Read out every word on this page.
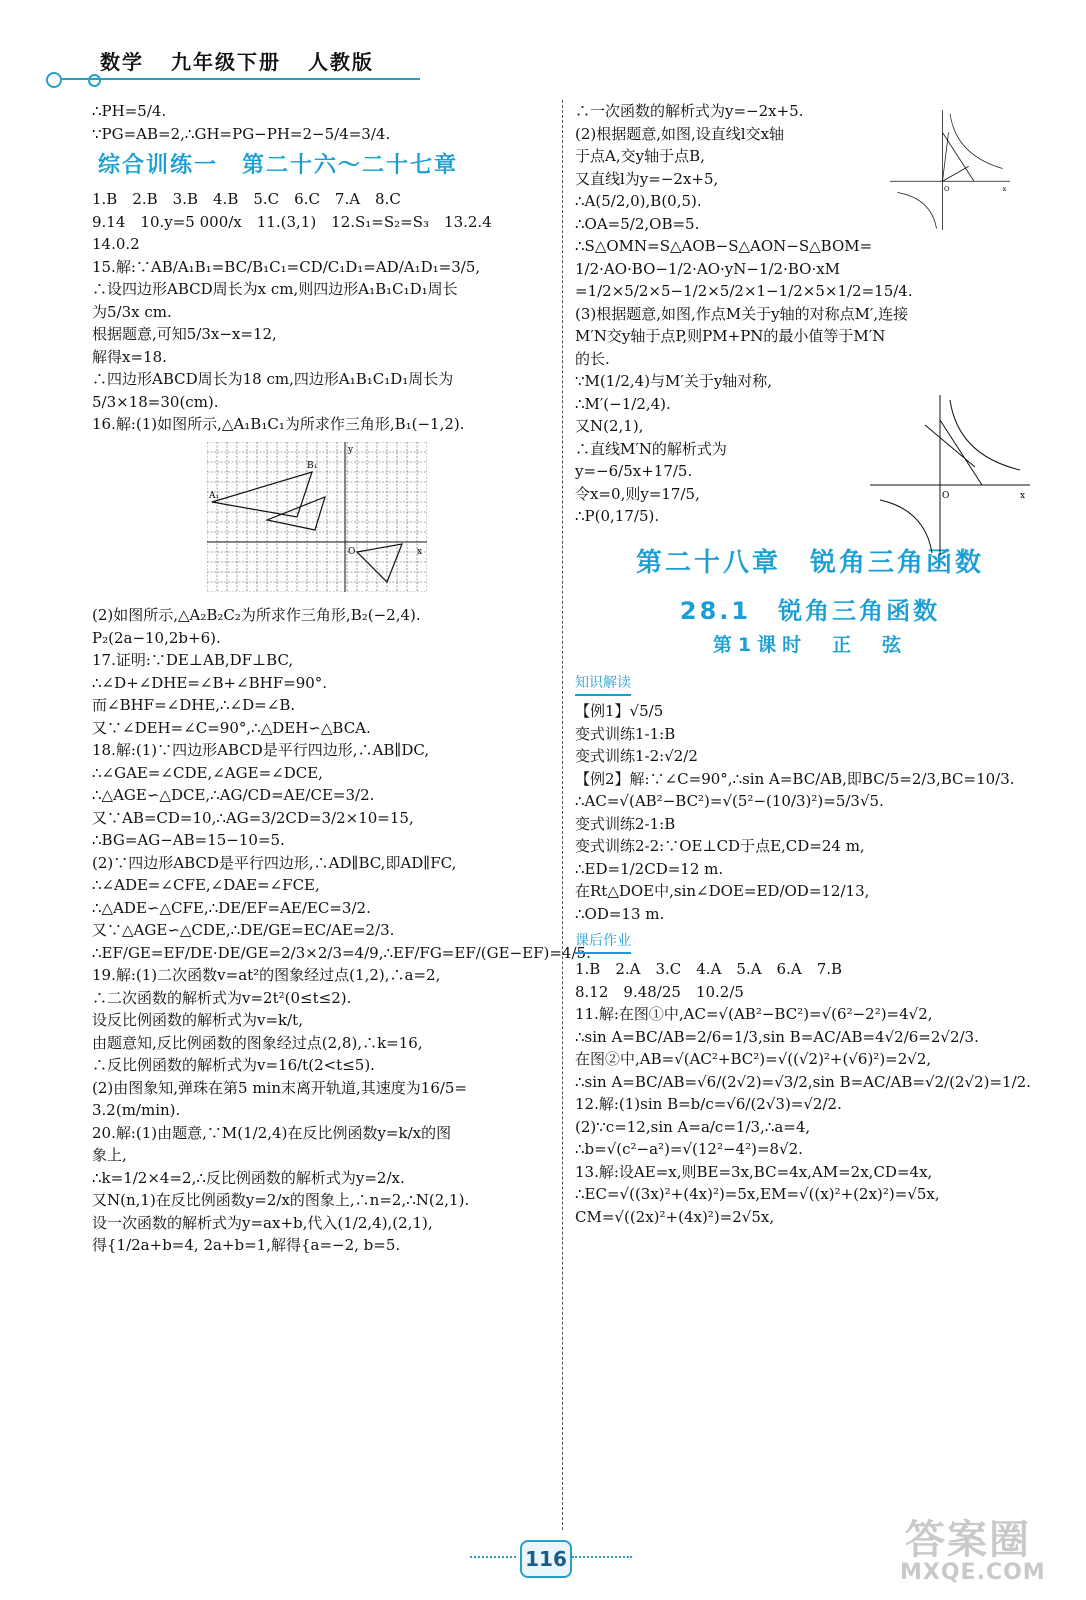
数学 九年级下册 人教版
∴PH=5/4.
∵PG=AB=2,∴GH=PG−PH=2−5/4=3/4.
综合训练一　第二十六～二十七章
1.B　2.B　3.B　4.B　5.C　6.C　7.A　8.C
9.14　10.y=5 000/x　11.(3,1)　12.S₁=S₂=S₃　13.2.4
14.0.2
15.解:∵AB/A₁B₁=BC/B₁C₁=CD/C₁D₁=AD/A₁D₁=3/5,
∴设四边形ABCD周长为x cm,则四边形A₁B₁C₁D₁周长
为5/3x cm.
根据题意,可知5/3x−x=12,
解得x=18.
∴四边形ABCD周长为18 cm,四边形A₁B₁C₁D₁周长为
5/3×18=30(cm).
16.解:(1)如图所示,△A₁B₁C₁为所求作三角形,B₁(−1,2).
B₁
A₁
O	x
y
(2)如图所示,△A₂B₂C₂为所求作三角形,B₂(−2,4).
P₂(2a−10,2b+6).
17.证明:∵DE⊥AB,DF⊥BC,
∴∠D+∠DHE=∠B+∠BHF=90°.
而∠BHF=∠DHE,∴∠D=∠B.
又∵∠DEH=∠C=90°,∴△DEH∽△BCA.
18.解:(1)∵四边形ABCD是平行四边形,∴AB∥DC,
∴∠GAE=∠CDE,∠AGE=∠DCE,
∴△AGE∽△DCE,∴AG/CD=AE/CE=3/2.
又∵AB=CD=10,∴AG=3/2CD=3/2×10=15,
∴BG=AG−AB=15−10=5.
(2)∵四边形ABCD是平行四边形,∴AD∥BC,即AD∥FC,
∴∠ADE=∠CFE,∠DAE=∠FCE,
∴△ADE∽△CFE,∴DE/EF=AE/EC=3/2.
又∵△AGE∽△CDE,∴DE/GE=EC/AE=2/3.
∴EF/GE=EF/DE·DE/GE=2/3×2/3=4/9,∴EF/FG=EF/(GE−EF)=4/5.
19.解:(1)二次函数v=at²的图象经过点(1,2),∴a=2,
∴二次函数的解析式为v=2t²(0≤t≤2).
设反比例函数的解析式为v=k/t,
由题意知,反比例函数的图象经过点(2,8),∴k=16,
∴反比例函数的解析式为v=16/t(2<t≤5).
(2)由图象知,弹珠在第5 min末离开轨道,其速度为16/5=
3.2(m/min).
20.解:(1)由题意,∵M(1/2,4)在反比例函数y=k/x的图
象上,
∴k=1/2×4=2,∴反比例函数的解析式为y=2/x.
又N(n,1)在反比例函数y=2/x的图象上,∴n=2,∴N(2,1).
设一次函数的解析式为y=ax+b,代入(1/2,4),(2,1),
得{1/2a+b=4, 2a+b=1,解得{a=−2, b=5.
∴一次函数的解析式为y=−2x+5.
(2)根据题意,如图,设直线l交x轴
于点A,交y轴于点B,
又直线l为y=−2x+5,
∴A(5/2,0),B(0,5).
∴OA=5/2,OB=5.
∴S△OMN=S△AOB−S△AON−S△BOM=
1/2·AO·BO−1/2·AO·yN−1/2·BO·xM
=1/2×5/2×5−1/2×5/2×1−1/2×5×1/2=15/4.
(3)根据题意,如图,作点M关于y轴的对称点M′,连接
M′N交y轴于点P,则PM+PN的最小值等于M′N
的长.
∵M(1/2,4)与M′关于y轴对称,
∴M′(−1/2,4).
又N(2,1),
∴直线M′N的解析式为
y=−6/5x+17/5.
令x=0,则y=17/5,
∴P(0,17/5).
第二十八章　锐角三角函数
28.1　锐角三角函数
第1课时　正　弦
知识解读
【例1】√5/5
变式训练1-1:B
变式训练1-2:√2/2
【例2】解:∵∠C=90°,∴sin A=BC/AB,即BC/5=2/3,BC=10/3.
∴AC=√(AB²−BC²)=√(5²−(10/3)²)=5/3√5.
变式训练2-1:B
变式训练2-2:∵OE⊥CD于点E,CD=24 m,
∴ED=1/2CD=12 m.
在Rt△DOE中,sin∠DOE=ED/OD=12/13,
∴OD=13 m.
课后作业
1.B　2.A　3.C　4.A　5.A　6.A　7.B
8.12　9.48/25　10.2/5
11.解:在图①中,AC=√(AB²−BC²)=√(6²−2²)=4√2,
∴sin A=BC/AB=2/6=1/3,sin B=AC/AB=4√2/6=2√2/3.
在图②中,AB=√(AC²+BC²)=√((√2)²+(√6)²)=2√2,
∴sin A=BC/AB=√6/(2√2)=√3/2,sin B=AC/AB=√2/(2√2)=1/2.
12.解:(1)sin B=b/c=√6/(2√3)=√2/2.
(2)∵c=12,sin A=a/c=1/3,∴a=4,
∴b=√(c²−a²)=√(12²−4²)=8√2.
13.解:设AE=x,则BE=3x,BC=4x,AM=2x,CD=4x,
∴EC=√((3x)²+(4x)²)=5x,EM=√((x)²+(2x)²)=√5x,
CM=√((2x)²+(4x)²)=2√5x,
O	x
O	x
116	答案圈
MXQE.COM
